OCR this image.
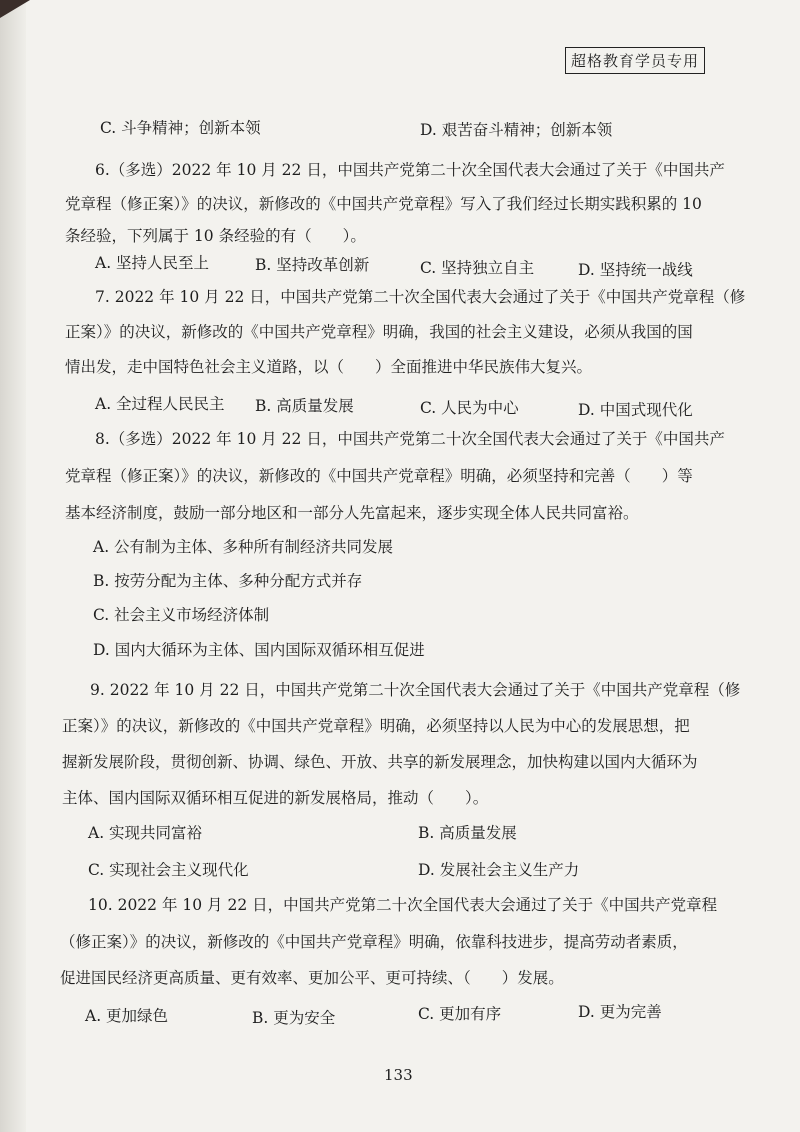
超格教育学员专用
C. 斗争精神；创新本领	D. 艰苦奋斗精神；创新本领
6.（多选）2022 年 10 月 22 日，中国共产党第二十次全国代表大会通过了关于《中国共产
党章程（修正案）》的决议，新修改的《中国共产党章程》写入了我们经过长期实践积累的 10
条经验，下列属于 10 条经验的有（　　）。
A. 坚持人民至上	B. 坚持改革创新	C. 坚持独立自主	D. 坚持统一战线
7. 2022 年 10 月 22 日，中国共产党第二十次全国代表大会通过了关于《中国共产党章程（修
正案）》的决议，新修改的《中国共产党章程》明确，我国的社会主义建设，必须从我国的国
情出发，走中国特色社会主义道路，以（　　）全面推进中华民族伟大复兴。
A. 全过程人民民主 B. 高质量发展	C. 人民为中心	D. 中国式现代化
8.（多选）2022 年 10 月 22 日，中国共产党第二十次全国代表大会通过了关于《中国共产
党章程（修正案）》的决议，新修改的《中国共产党章程》明确，必须坚持和完善（　　）等
基本经济制度，鼓励一部分地区和一部分人先富起来，逐步实现全体人民共同富裕。
A. 公有制为主体、多种所有制经济共同发展
B. 按劳分配为主体、多种分配方式并存
C. 社会主义市场经济体制
D. 国内大循环为主体、国内国际双循环相互促进
9. 2022 年 10 月 22 日，中国共产党第二十次全国代表大会通过了关于《中国共产党章程（修
正案）》的决议，新修改的《中国共产党章程》明确，必须坚持以人民为中心的发展思想，把
握新发展阶段，贯彻创新、协调、绿色、开放、共享的新发展理念，加快构建以国内大循环为
主体、国内国际双循环相互促进的新发展格局，推动（　　）。
A. 实现共同富裕	B. 高质量发展
C. 实现社会主义现代化	D. 发展社会主义生产力
10. 2022 年 10 月 22 日，中国共产党第二十次全国代表大会通过了关于《中国共产党章程
（修正案）》的决议，新修改的《中国共产党章程》明确，依靠科技进步，提高劳动者素质，
促进国民经济更高质量、更有效率、更加公平、更可持续、（　　）发展。
A. 更加绿色	B. 更为安全	C. 更加有序	D. 更为完善
133
